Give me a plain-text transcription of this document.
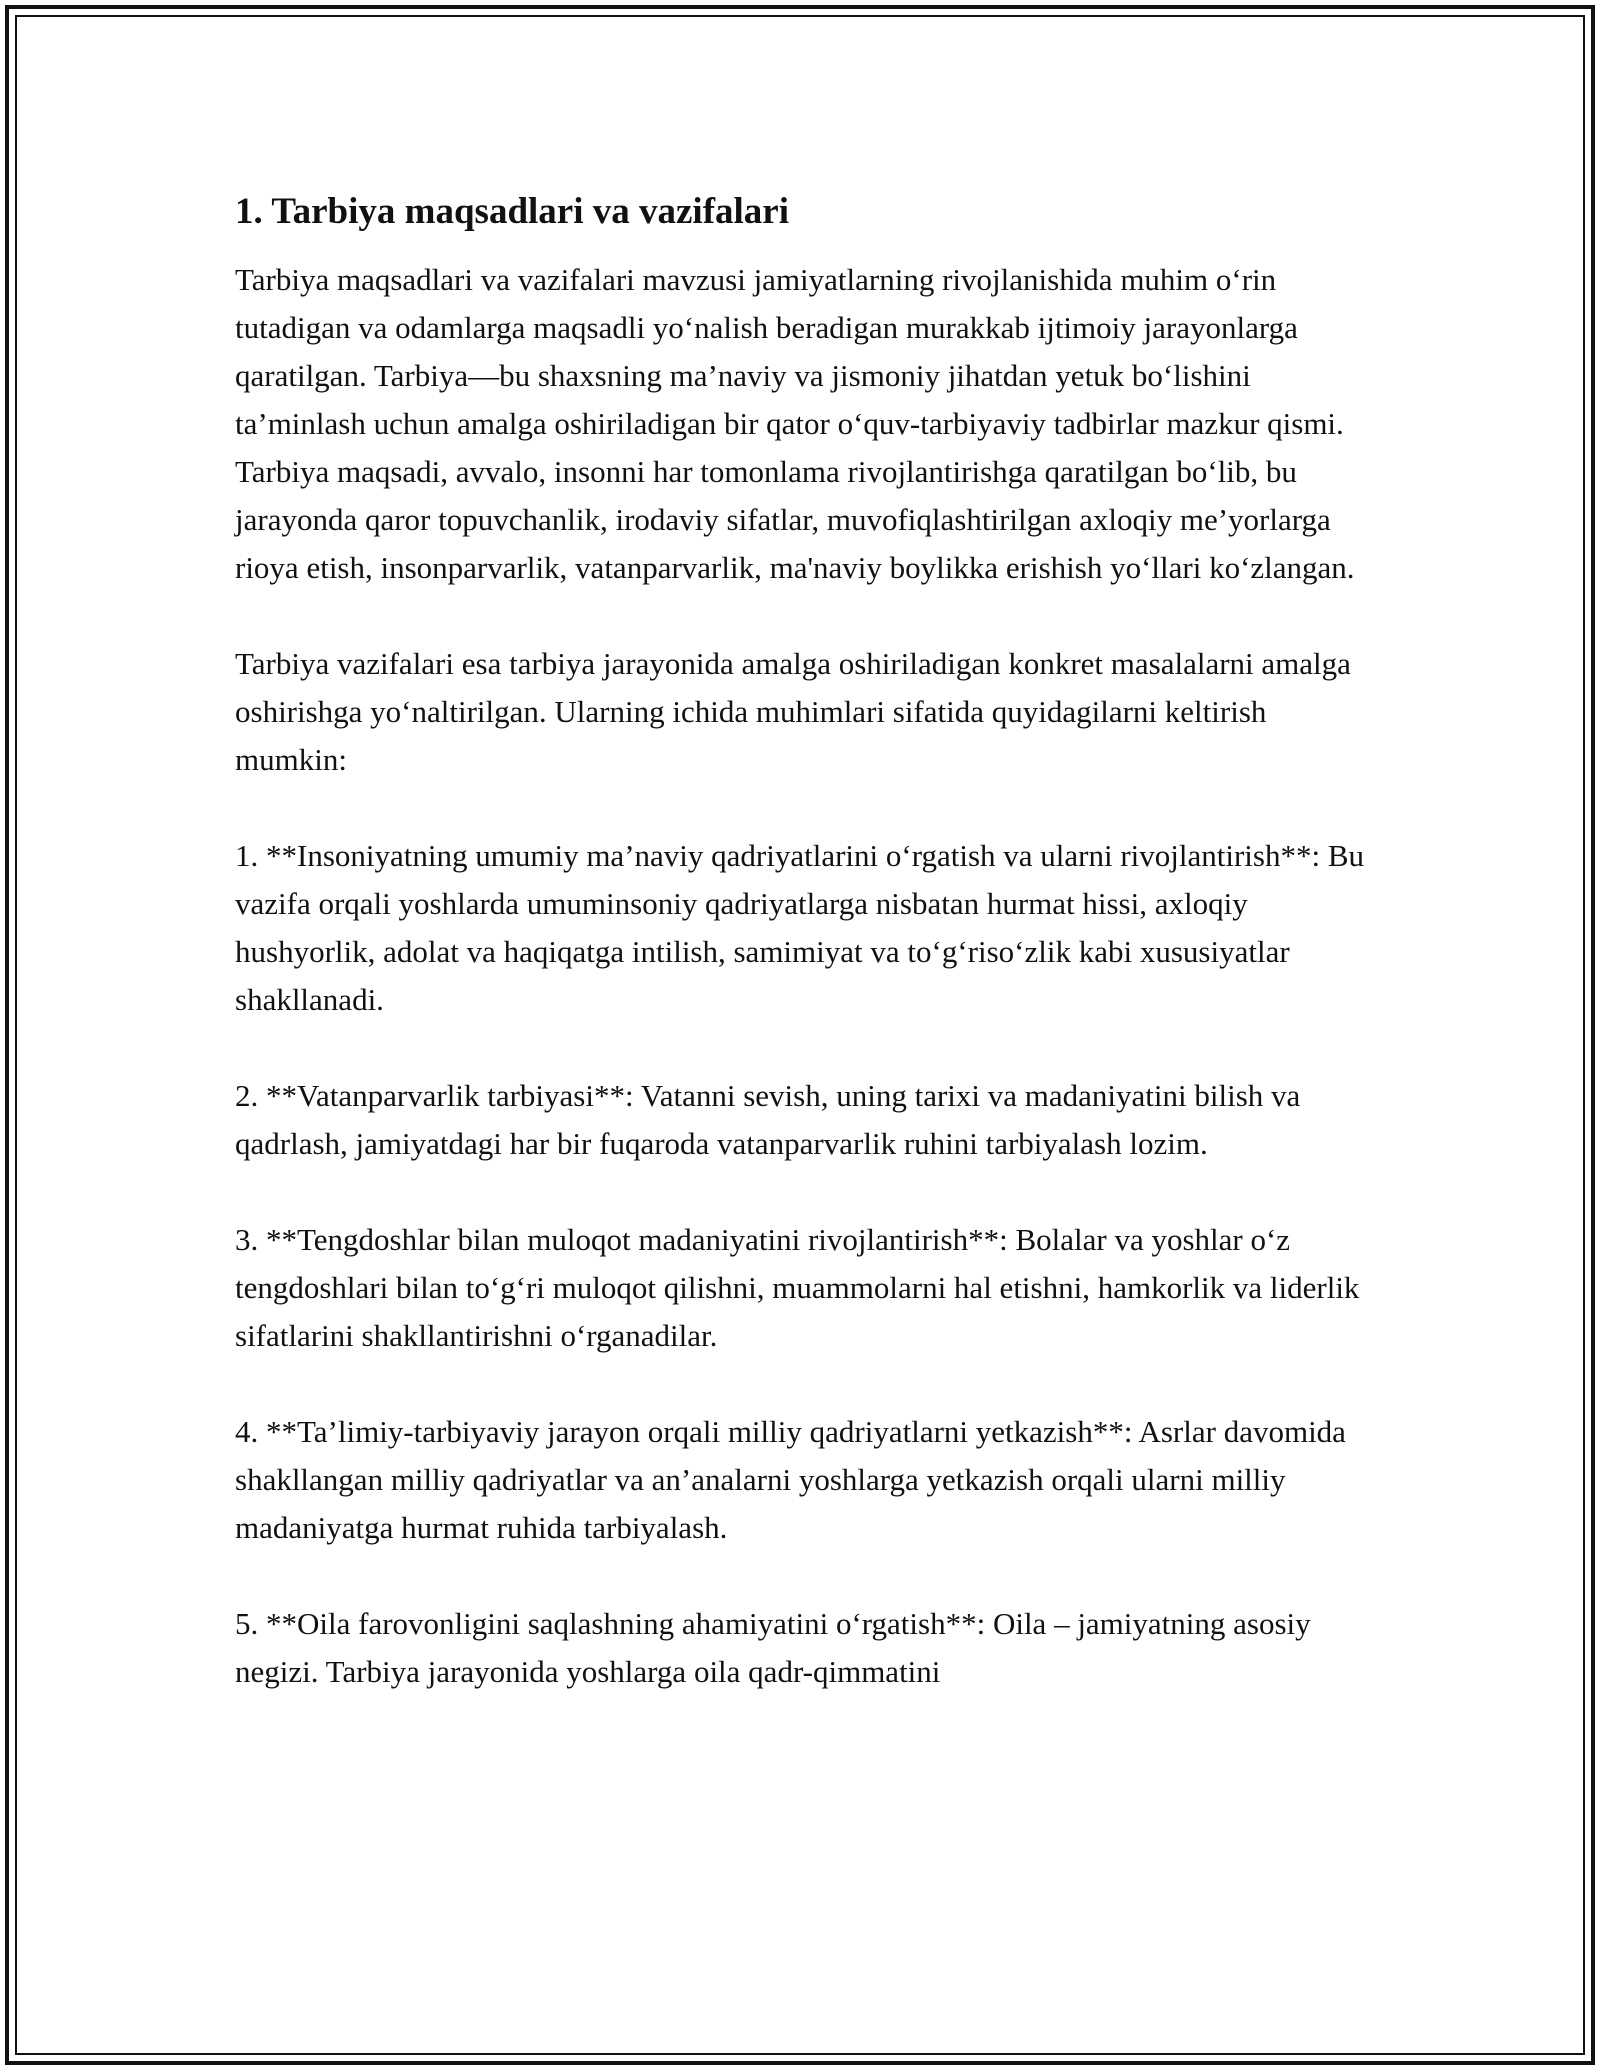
1. Tarbiya maqsadlari va vazifalari

Tarbiya maqsadlari va vazifalari mavzusi jamiyatlarning rivojlanishida muhim o‘rin tutadigan va odamlarga maqsadli yo‘nalish beradigan murakkab ijtimoiy jarayonlarga qaratilgan. Tarbiya—bu shaxsning ma’naviy va jismoniy jihatdan yetuk bo‘lishini ta’minlash uchun amalga oshiriladigan bir qator o‘quv-tarbiyaviy tadbirlar mazkur qismi. Tarbiya maqsadi, avvalo, insonni har tomonlama rivojlantirishga qaratilgan bo‘lib, bu jarayonda qaror topuvchanlik, irodaviy sifatlar, muvofiqlashtirilgan axloqiy me’yorlarga rioya etish, insonparvarlik, vatanparvarlik, ma'naviy boylikka erishish yo‘llari ko‘zlangan.

Tarbiya vazifalari esa tarbiya jarayonida amalga oshiriladigan konkret masalalarni amalga oshirishga yo‘naltirilgan. Ularning ichida muhimlari sifatida quyidagilarni keltirish mumkin:

1. **Insoniyatning umumiy ma’naviy qadriyatlarini o‘rgatish va ularni rivojlantirish**: Bu vazifa orqali yoshlarda umuminsoniy qadriyatlarga nisbatan hurmat hissi, axloqiy hushyorlik, adolat va haqiqatga intilish, samimiyat va to‘g‘riso‘zlik kabi xususiyatlar shakllanadi.

2. **Vatanparvarlik tarbiyasi**: Vatanni sevish, uning tarixi va madaniyatini bilish va qadrlash, jamiyatdagi har bir fuqaroda vatanparvarlik ruhini tarbiyalash lozim.

3. **Tengdoshlar bilan muloqot madaniyatini rivojlantirish**: Bolalar va yoshlar o‘z tengdoshlari bilan to‘g‘ri muloqot qilishni, muammolarni hal etishni, hamkorlik va liderlik sifatlarini shakllantirishni o‘rganadilar.

4. **Ta’limiy-tarbiyaviy jarayon orqali milliy qadriyatlarni yetkazish**: Asrlar davomida shakllangan milliy qadriyatlar va an’analarni yoshlarga yetkazish orqali ularni milliy madaniyatga hurmat ruhida tarbiyalash.

5. **Oila farovonligini saqlashning ahamiyatini o‘rgatish**: Oila – jamiyatning asosiy negizi. Tarbiya jarayonida yoshlarga oila qadr-qimmatini
